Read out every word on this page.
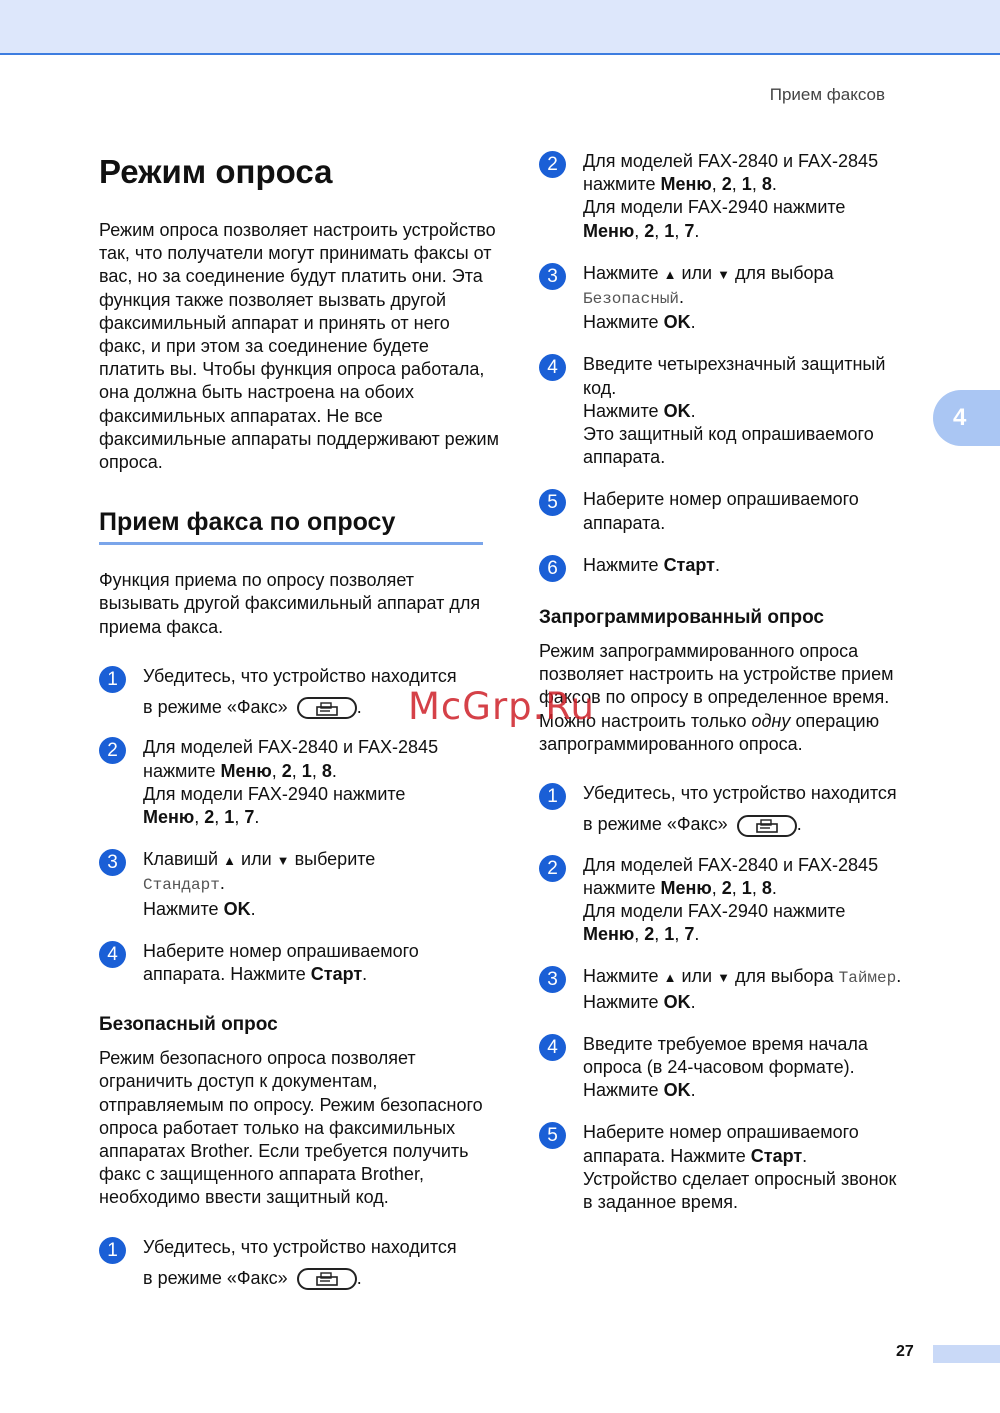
Прием факсов
Режим опроса

Режим опроса позволяет настроить устройство так, что получатели могут принимать факсы от вас, но за соединение будут платить они. Эта функция также позволяет вызвать другой факсимильный аппарат и принять от него факс, и при этом за соединение будете платить вы. Чтобы функция опроса работала, она должна быть настроена на обоих факсимильных аппаратах. Не все факсимильные аппараты поддерживают режим опроса.

Прием факса по опросу

Функция приема по опросу позволяет вызывать другой факсимильный аппарат для приема факса.

1	Убедитесь, что устройство находится
в режиме «Факс»	.
2	Для моделей FAX-2840 и FAX-2845
нажмите Меню, 2, 1, 8.
Для модели FAX-2940 нажмите
Меню, 2, 1, 7.
3	Клавишй ▲ или ▼ выберите
Стандарт.
Нажмите OK.
4	Наберите номер опрашиваемого
аппарата. Нажмите Старт.
Безопасный опрос

Режим безопасного опроса позволяет ограничить доступ к документам, отправляемым по опросу. Режим безопасного опроса работает только на факсимильных аппаратах Brother. Если требуется получить факс с защищенного аппарата Brother, необходимо ввести защитный код.

1	Убедитесь, что устройство находится
в режиме «Факс»	.
2	Для моделей FAX-2840 и FAX-2845
нажмите Меню, 2, 1, 8.
Для модели FAX-2940 нажмите
Меню, 2, 1, 7.
3	Нажмите ▲ или ▼ для выбора
Безопасный.
Нажмите OK.
4	Введите четырехзначный защитный
код.
Нажмите OK.
Это защитный код опрашиваемого
аппарата.
5	Наберите номер опрашиваемого
аппарата.
6	Нажмите Старт.
Запрограммированный опрос

Режим запрограммированного опроса позволяет настроить на устройстве прием факсов по опросу в определенное время. Можно настроить только одну операцию запрограммированного опроса.

1	Убедитесь, что устройство находится
в режиме «Факс»	.
2	Для моделей FAX-2840 и FAX-2845
нажмите Меню, 2, 1, 8.
Для модели FAX-2940 нажмите
Меню, 2, 1, 7.
3	Нажмите ▲ или ▼ для выбора Таймер.
Нажмите OK.
4	Введите требуемое время начала
опроса (в 24-часовом формате).
Нажмите OK.
5	Наберите номер опрашиваемого
аппарата. Нажмите Старт.
Устройство сделает опросный звонок
в заданное время.
4
McGrp.Ru
27
